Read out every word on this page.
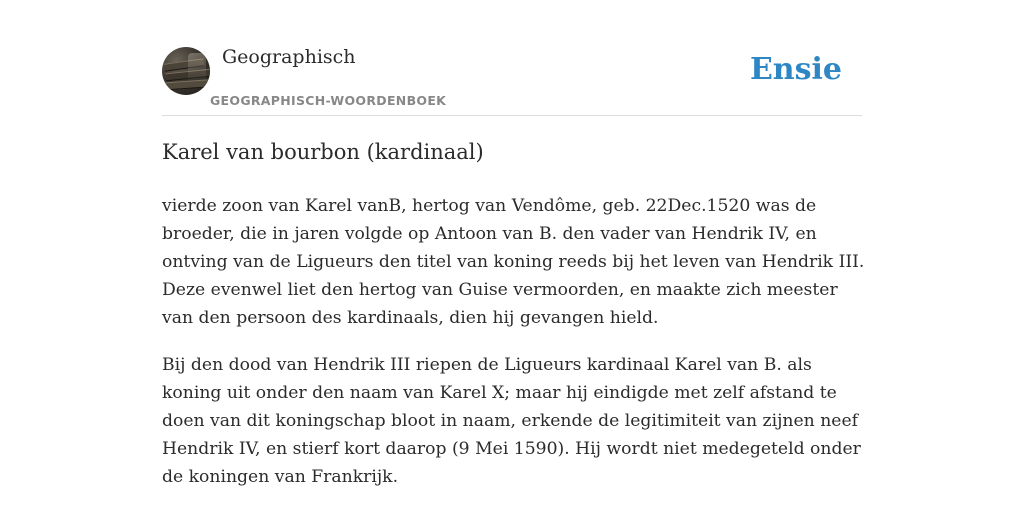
Geographisch
GEOGRAPHISCH-WOORDENBOEK
Ensie
Karel van bourbon (kardinaal)

vierde zoon van Karel vanB, hertog van Vendôme, geb. 22Dec.1520 was de broeder, die in jaren volgde op Antoon van B. den vader van Hendrik IV, en ontving van de Ligueurs den titel van koning reeds bij het leven van Hendrik III. Deze evenwel liet den hertog van Guise vermoorden, en maakte zich meester van den persoon des kardinaals, dien hij gevangen hield.

Bij den dood van Hendrik III riepen de Ligueurs kardinaal Karel van B. als koning uit onder den naam van Karel X; maar hij eindigde met zelf afstand te doen van dit koningschap bloot in naam, erkende de legitimiteit van zijnen neef Hendrik IV, en stierf kort daarop (9 Mei 1590). Hij wordt niet medegeteld onder de koningen van Frankrijk.
